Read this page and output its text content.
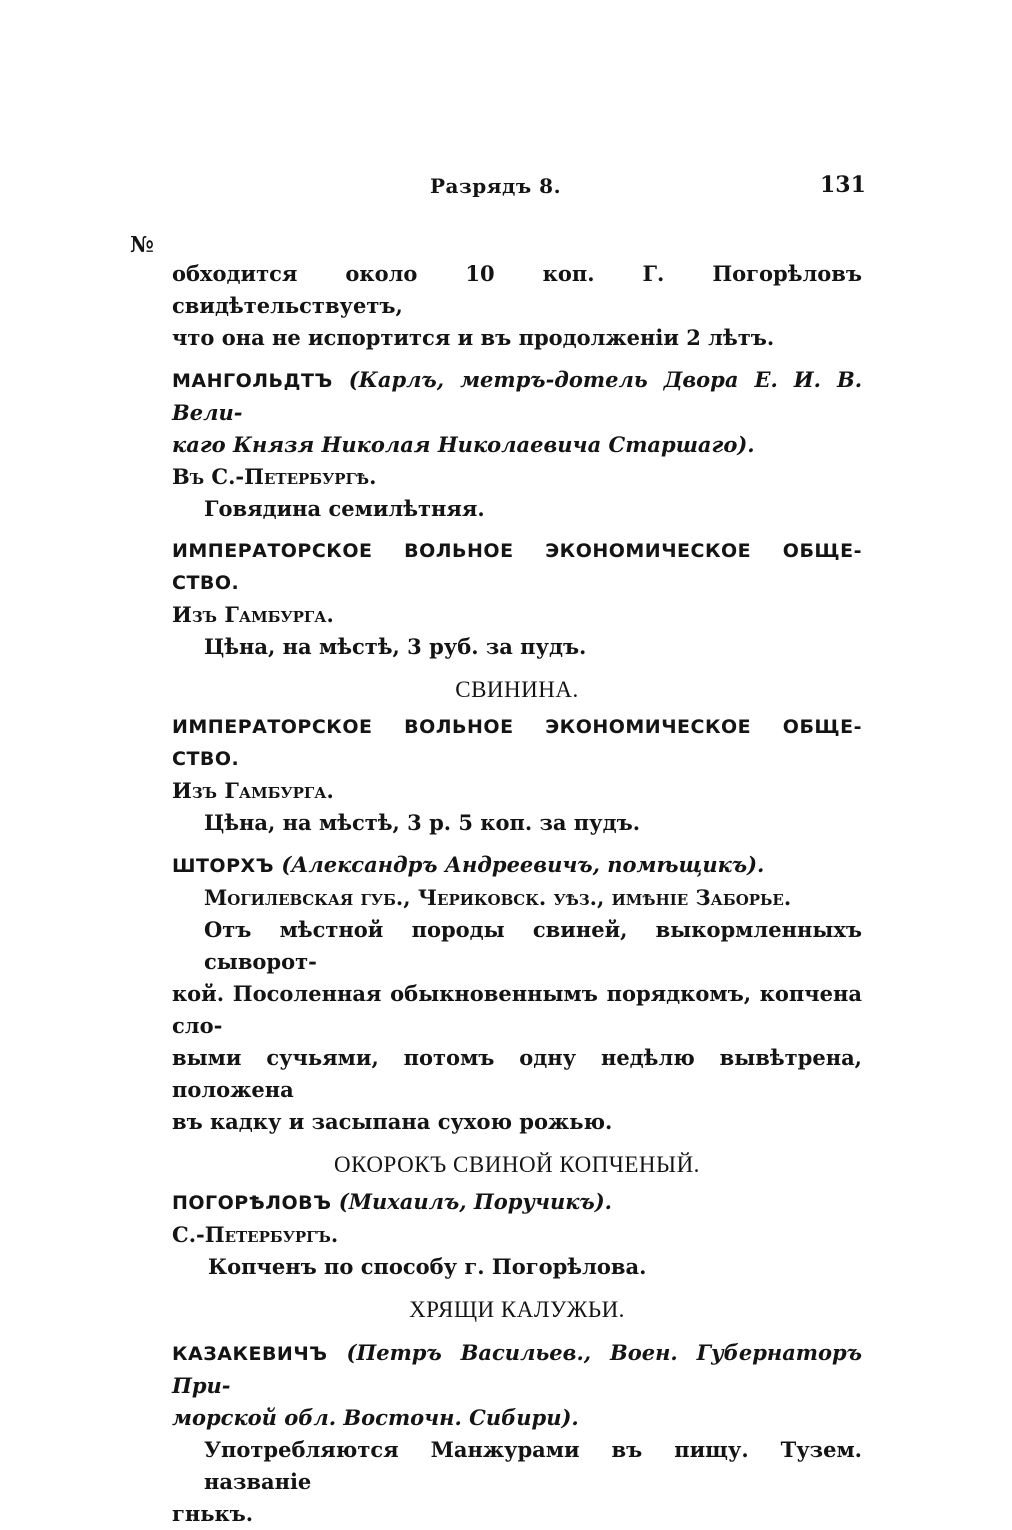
Разрядъ 8.	131
№
обходится около 10 коп. Г. Погорѣловъ свидѣтельствуетъ,
что она не испортится и въ продолженіи 2 лѣтъ.
МАНГОЛЬДТЪ (Карлъ, метръ-дотель Двора Е. И. В. Вели-
каго Князя Николая Николаевича Старшаго).
Въ С.-Петербургѣ.
Говядина семилѣтняя.
ИМПЕРАТОРСКОЕ ВОЛЬНОЕ ЭКОНОМИЧЕСКОЕ ОБЩЕ-
СТВО.
Изъ Гамбурга.
Цѣна, на мѣстѣ, 3 руб. за пудъ.
СВИНИНА.
ИМПЕРАТОРСКОЕ ВОЛЬНОЕ ЭКОНОМИЧЕСКОЕ ОБЩЕ-
СТВО.
Изъ Гамбурга.
Цѣна, на мѣстѣ, 3 р. 5 коп. за пудъ.
ШТОРХЪ (Александръ Андреевичъ, помѣщикъ).
Могилевская губ., Чериковск. уѣз., имѣніе Заборье.
Отъ мѣстной породы свиней, выкормленныхъ сыворот-
кой. Посоленная обыкновеннымъ порядкомъ, копчена сло-
выми сучьями, потомъ одну недѣлю вывѣтрена, положена
въ кадку и засыпана сухою рожью.
ОКОРОКЪ СВИНОЙ КОПЧЕНЫЙ.
ПОГОРѢЛОВЪ (Михаилъ, Поручикъ).
С.-Петербургъ.
Копченъ по способу г. Погорѣлова.
ХРЯЩИ КАЛУЖЬИ.
КАЗАКЕВИЧЪ (Петръ Васильев., Воен. Губернаторъ При-
морской обл. Восточн. Сибири).
Употребляются Манжурами въ пищу. Тузем. названіе
гнькъ.
